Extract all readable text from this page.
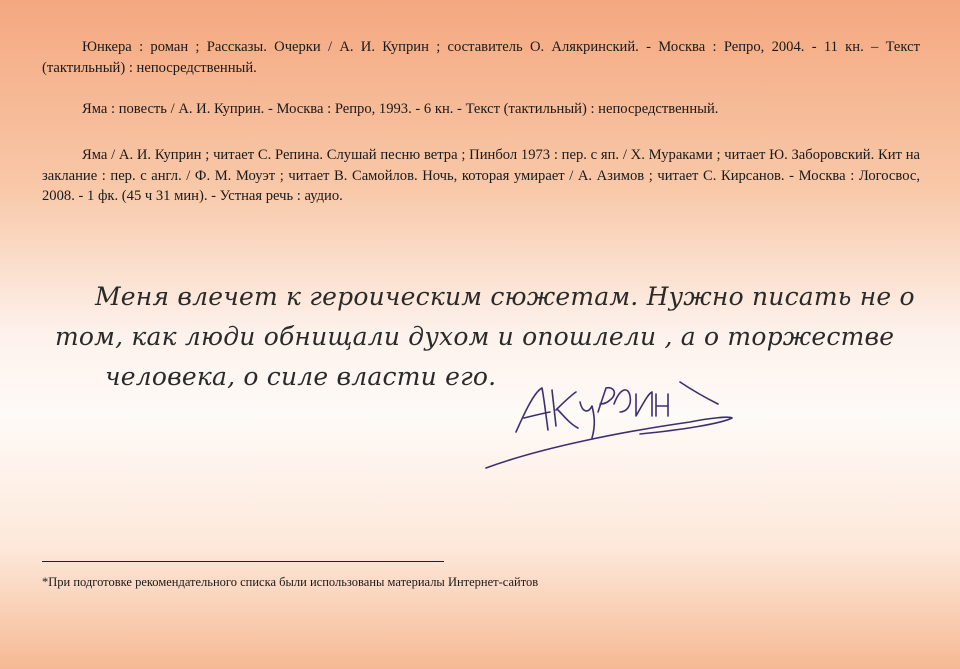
Юнкера : роман ; Рассказы. Очерки / А. И. Куприн ; составитель О. Алякринский. - Москва : Репро, 2004. - 11 кн. – Текст (тактильный) : непосредственный.

Яма : повесть / А. И. Куприн. - Москва : Репро, 1993. - 6 кн. - Текст (тактильный) : непосредственный.

Яма / А. И. Куприн ; читает С. Репина. Слушай песню ветра ; Пинбол 1973 : пер. с яп. / Х. Мураками ; читает Ю. Заборовский. Кит на заклание : пер. с англ. / Ф. М. Моуэт ; читает В. Самойлов. Ночь, которая умирает / А. Азимов ; читает С. Кирсанов. - Москва : Логосвос, 2008. - 1 фк. (45 ч 31 мин). - Устная речь : аудио.

Меня влечет к героическим сюжетам. Нужно писать не о

том, как люди обнищали духом и опошлели , а о торжестве

человека, о силе власти его.

*При подготовке рекомендательного списка были использованы материалы Интернет-сайтов
